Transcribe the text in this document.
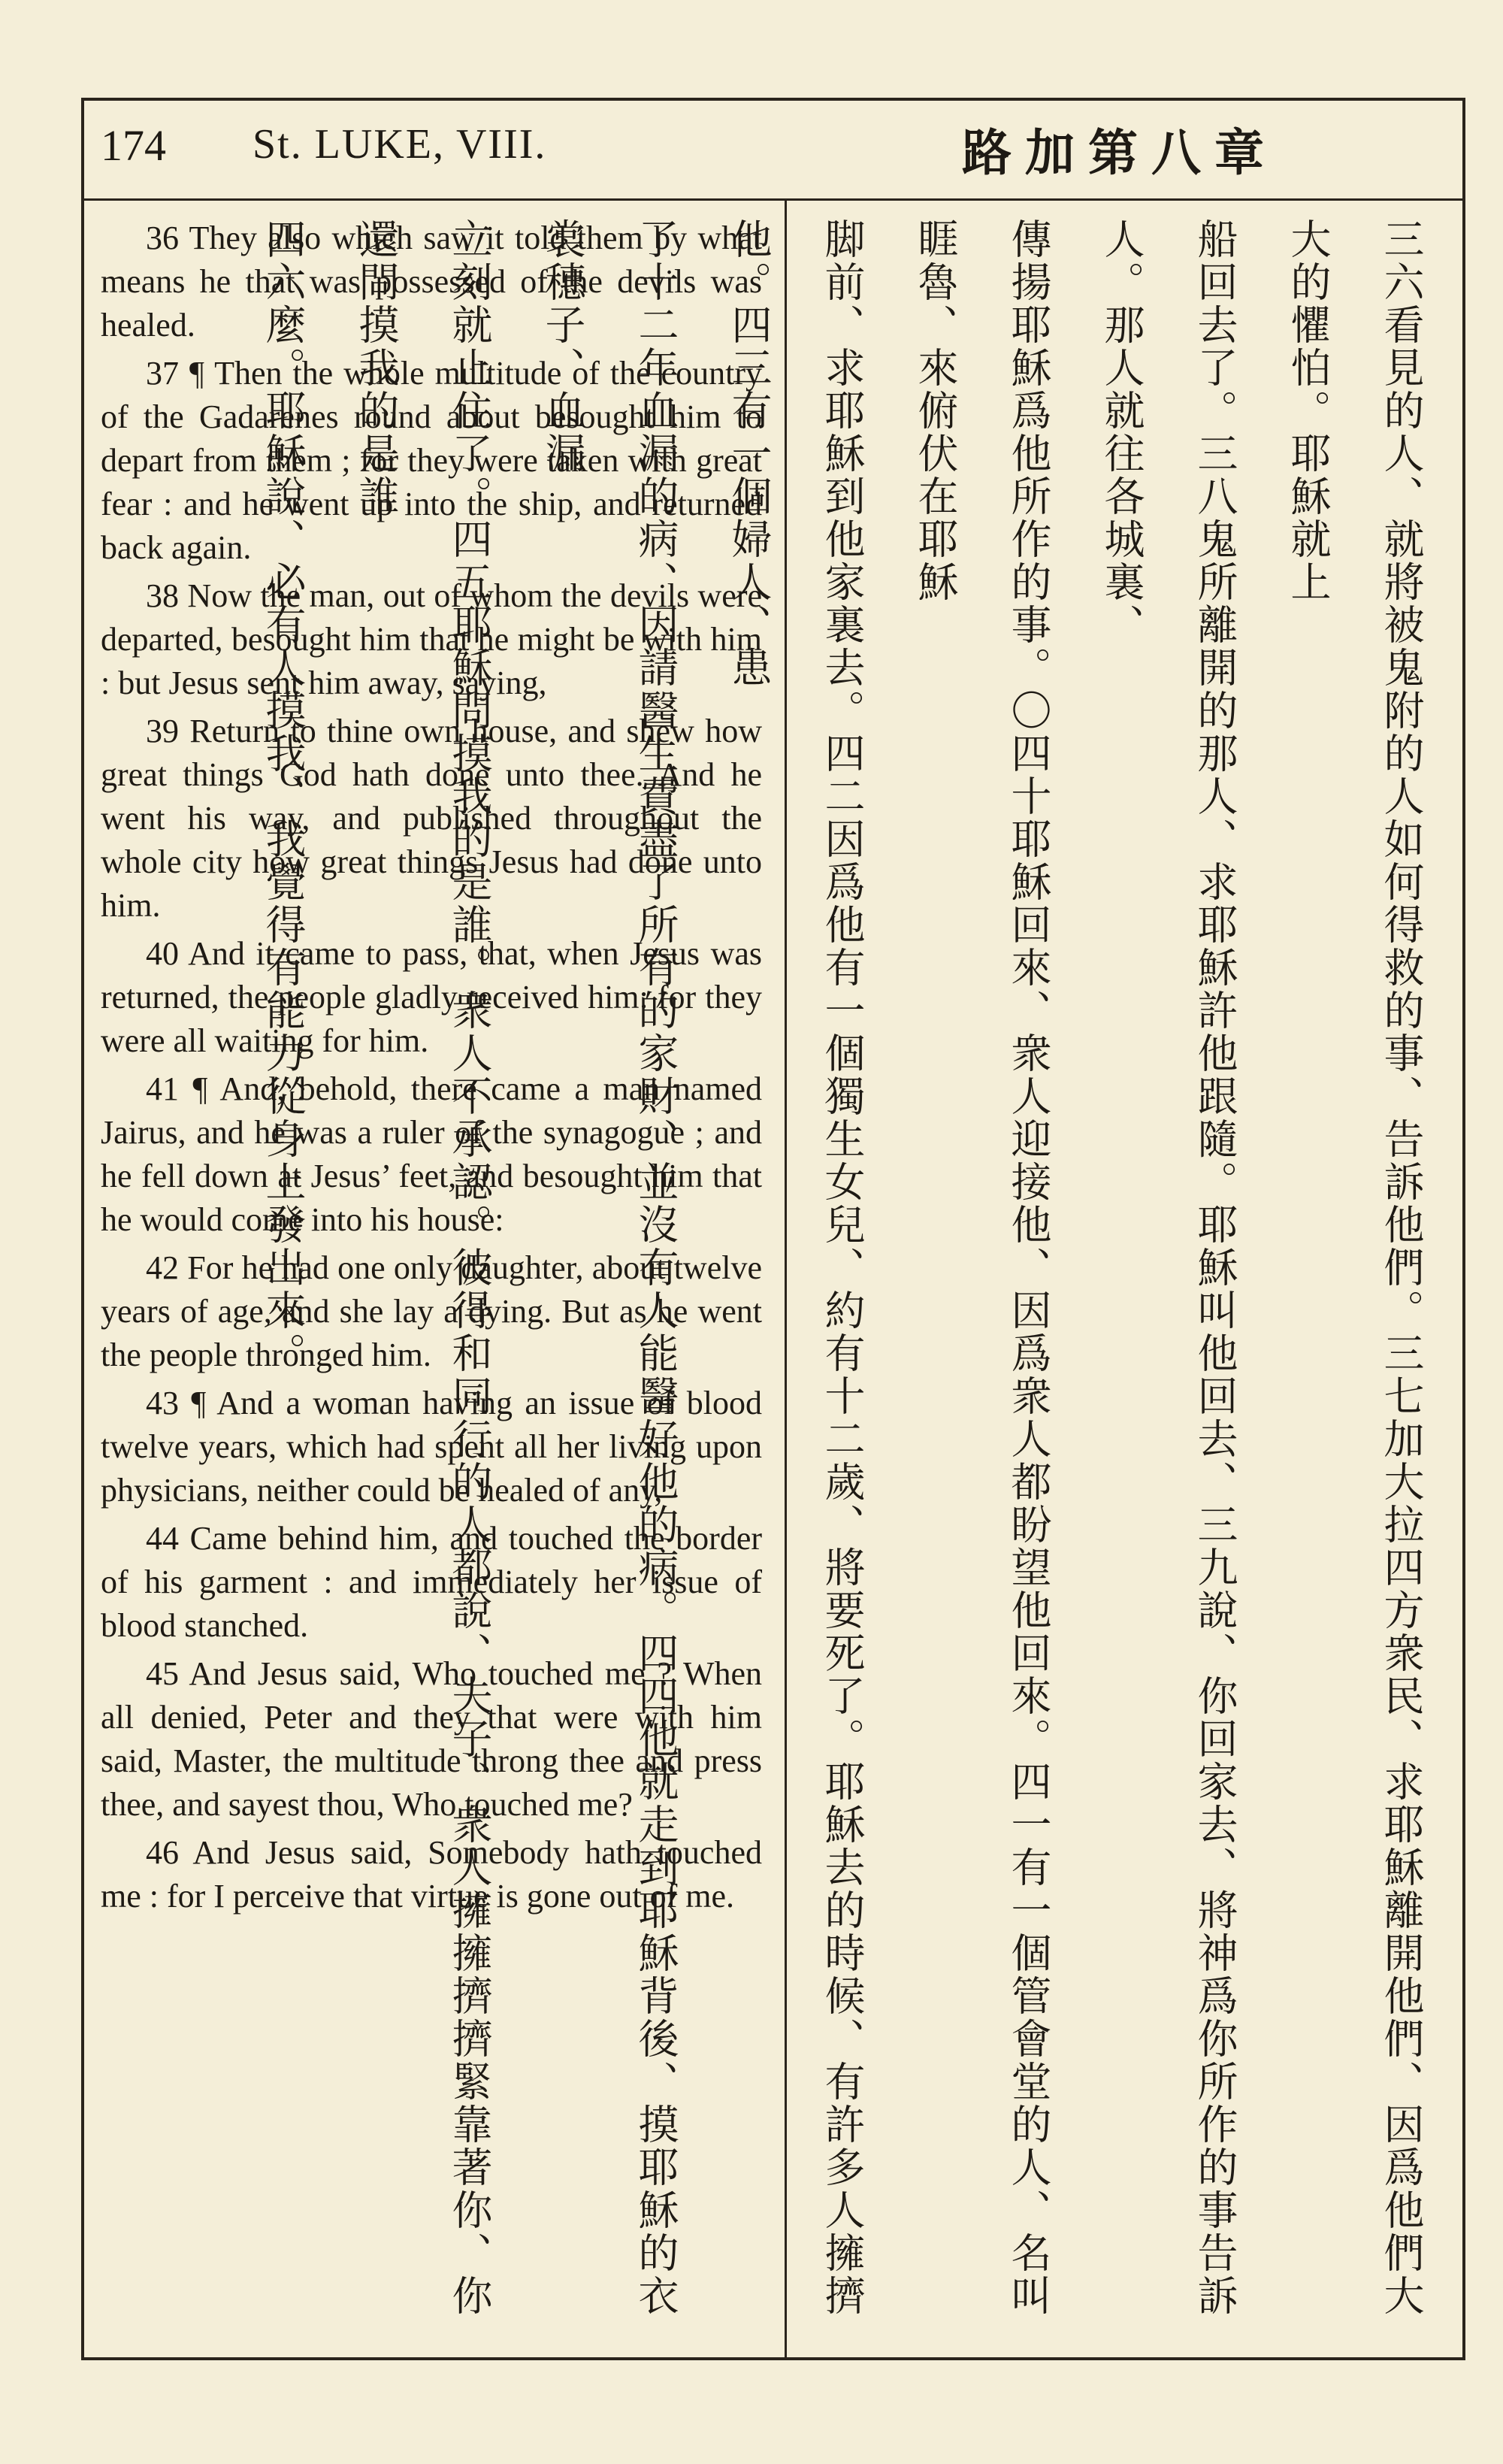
174 St. LUKE, VIII.	路加第八章

36 They also which saw it told them by what means he that was possessed of the devils was healed.

37 ¶ Then the whole multitude of the country of the Gadarenes round about besought him to depart from them ; for they were taken with great fear : and he went up into the ship, and returned back again.

38 Now the man, out of whom the devils were departed, besought him that he might be with him : but Jesus sent him away, saying,

39 Return to thine own house, and shew how great things God hath done unto thee. And he went his way, and published throughout the whole city how great things Jesus had done unto him.

40 And it came to pass, that, when Jesus was returned, the people gladly received him: for they were all waiting for him.

41 ¶ And, behold, there came a man named Jairus, and he was a ruler of the synagogue ; and he fell down at Jesus’ feet, and besought him that he would come into his house:

42 For he had one only daughter, about twelve years of age, and she lay a dying. But as he went the people thronged him.

43 ¶ And a woman having an issue of blood twelve years, which had spent all her living upon physicians, neither could be healed of any,

44 Came behind him, and touched the border of his garment : and immediately her issue of blood stanched.

45 And Jesus said, Who touched me ? When all denied, Peter and they that were with him said, Master, the multitude throng thee and press thee, and sayest thou, Who touched me?

46 And Jesus said, Somebody hath touched me : for I perceive that virtue is gone out of me.	三六看見的人、就將被鬼附的人如何得救的事、告訴他們。三七加大拉四方衆民、求耶穌離開他們、因爲他們大大的懼怕。耶穌就上
船回去了。三八鬼所離開的那人、求耶穌許他跟隨。耶穌叫他回去、三九說、你回家去、將神爲你所作的事告訴人。那人就往各城裏、
傳揚耶穌爲他所作的事。〇四十耶穌回來、衆人迎接他、因爲衆人都盼望他回來。四一有一個管會堂的人、名叫睚魯、來俯伏在耶穌
脚前、求耶穌到他家裏去。四二因爲他有一個獨生女兒、約有十二歲、將要死了。耶穌去的時候、有許多人擁擠他。四三有一個婦人、患
了十二年血漏的病、因請醫生費盡了所有的家財、並沒有人能醫好他的病。四四他就走到耶穌背後、摸耶穌的衣裳穗子、血漏
立刻就止住了。四五耶穌問摸我的是誰。衆人不承認。彼得和同行的人都說、夫子、衆人擁擁擠擠緊靠著你、你還問摸我的是誰
四六麼。耶穌說、必有人摸我、我覺得有能力從身上發出來。
